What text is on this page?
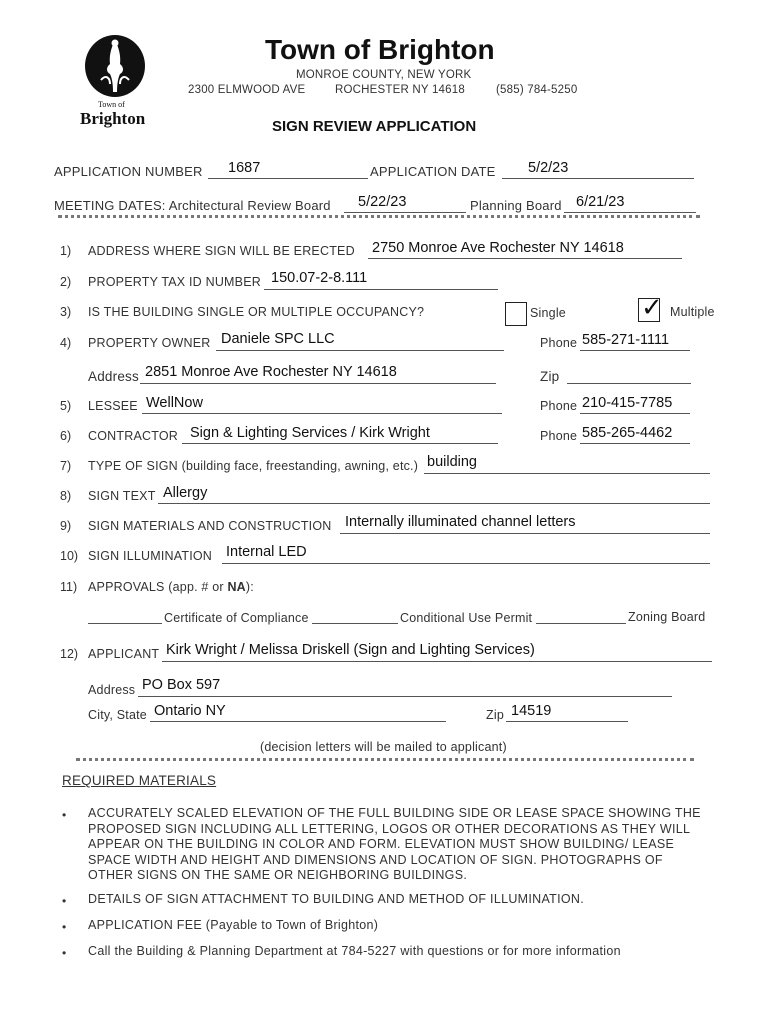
Town of
Brighton
Town of Brighton
MONROE COUNTY, NEW YORK
2300 ELMWOOD AVE	ROCHESTER NY 14618	(585) 784-5250
SIGN REVIEW APPLICATION
APPLICATION NUMBER 1687	APPLICATION DATE 5/2/23
MEETING DATES: Architectural Review Board 5/22/23	Planning Board 6/21/23
1) ADDRESS WHERE SIGN WILL BE ERECTED 2750 Monroe Ave Rochester NY 14618
2) PROPERTY TAX ID NUMBER 150.07-2-8.111
3) IS THE BUILDING SINGLE OR MULTIPLE OCCUPANCY?	Single	✓ Multiple
4) PROPERTY OWNER Daniele SPC LLC	Phone 585-271-1111
Address 2851 Monroe Ave Rochester NY 14618	Zip
5) LESSEE WellNow	Phone 210-415-7785
6) CONTRACTOR Sign & Lighting Services / Kirk Wright	Phone 585-265-4462
7) TYPE OF SIGN (building face, freestanding, awning, etc.) building
8) SIGN TEXT Allergy
9) SIGN MATERIALS AND CONSTRUCTION Internally illuminated channel letters
10) SIGN ILLUMINATION Internal LED
11) APPROVALS (app. # or NA):
Certificate of Compliance	Conditional Use Permit	Zoning Board
12) APPLICANT Kirk Wright / Melissa Driskell (Sign and Lighting Services)
Address PO Box 597
City, State Ontario NY	Zip 14519
(decision letters will be mailed to applicant)
REQUIRED MATERIALS
• ACCURATELY SCALED ELEVATION OF THE FULL BUILDING SIDE OR LEASE SPACE SHOWING THE PROPOSED SIGN INCLUDING ALL LETTERING, LOGOS OR OTHER DECORATIONS AS THEY WILL APPEAR ON THE BUILDING IN COLOR AND FORM. ELEVATION MUST SHOW BUILDING/ LEASE SPACE WIDTH AND HEIGHT AND DIMENSIONS AND LOCATION OF SIGN. PHOTOGRAPHS OF OTHER SIGNS ON THE SAME OR NEIGHBORING BUILDINGS.
• DETAILS OF SIGN ATTACHMENT TO BUILDING AND METHOD OF ILLUMINATION.
• APPLICATION FEE (Payable to Town of Brighton)
• Call the Building & Planning Department at 784-5227 with questions or for more information
